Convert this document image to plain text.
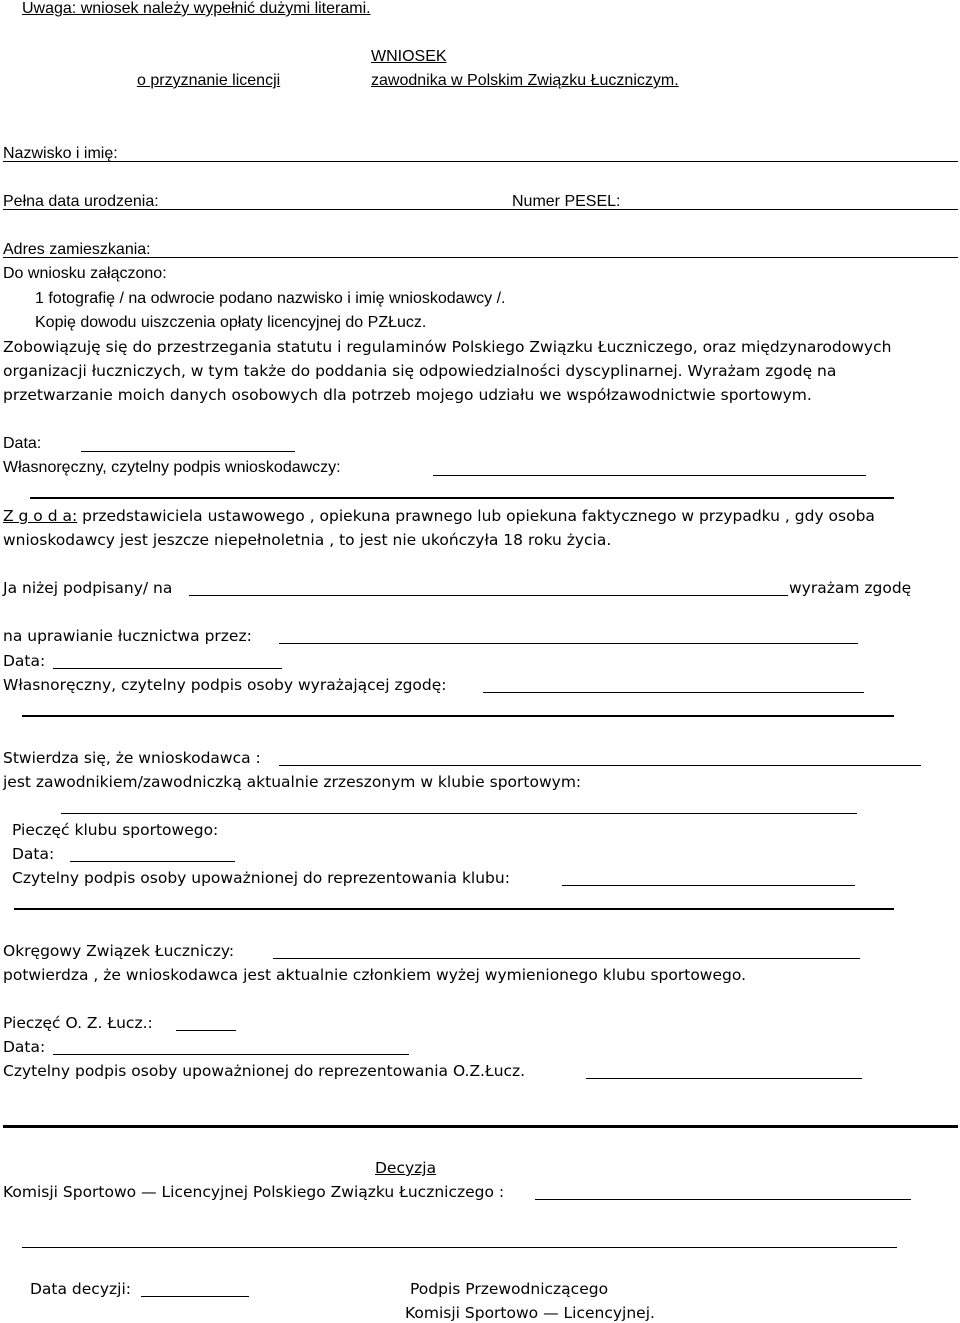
Uwaga: wniosek należy wypełnić dużymi literami.
WNIOSEK
o przyznanie licencji	zawodnika w Polskim Związku Łuczniczym.
Nazwisko i imię:
Pełna data urodzenia:	Numer PESEL:
Adres zamieszkania:
Do wniosku załączono:
1 fotografię / na odwrocie podano nazwisko i imię wnioskodawcy /.
Kopię dowodu uiszczenia opłaty licencyjnej do PZŁucz.
Zobowiązuję się do przestrzegania statutu i regulaminów Polskiego Związku Łuczniczego, oraz międzynarodowych
organizacji łuczniczych, w tym także do poddania się odpowiedzialności dyscyplinarnej. Wyrażam zgodę na
przetwarzanie moich danych osobowych dla potrzeb mojego udziału we współzawodnictwie sportowym.
Data:
Własnoręczny, czytelny podpis wnioskodawczy:
Z g o d a: przedstawiciela ustawowego , opiekuna prawnego lub opiekuna faktycznego w przypadku , gdy osoba
wnioskodawcy jest jeszcze niepełnoletnia , to jest nie ukończyła 18 roku życia.
Ja niżej podpisany/ na	wyrażam zgodę
na uprawianie łucznictwa przez:
Data:
Własnoręczny, czytelny podpis osoby wyrażającej zgodę:
Stwierdza się, że wnioskodawca :
jest zawodnikiem/zawodniczką aktualnie zrzeszonym w klubie sportowym:
Pieczęć klubu sportowego:
Data:
Czytelny podpis osoby upoważnionej do reprezentowania klubu:
Okręgowy Związek Łuczniczy:
potwierdza , że wnioskodawca jest aktualnie członkiem wyżej wymienionego klubu sportowego.
Pieczęć O. Z. Łucz.:
Data:
Czytelny podpis osoby upoważnionej do reprezentowania O.Z.Łucz.
Decyzja
Komisji Sportowo — Licencyjnej Polskiego Związku Łuczniczego :
Data decyzji:	Podpis Przewodniczącego
Komisji Sportowo — Licencyjnej.
